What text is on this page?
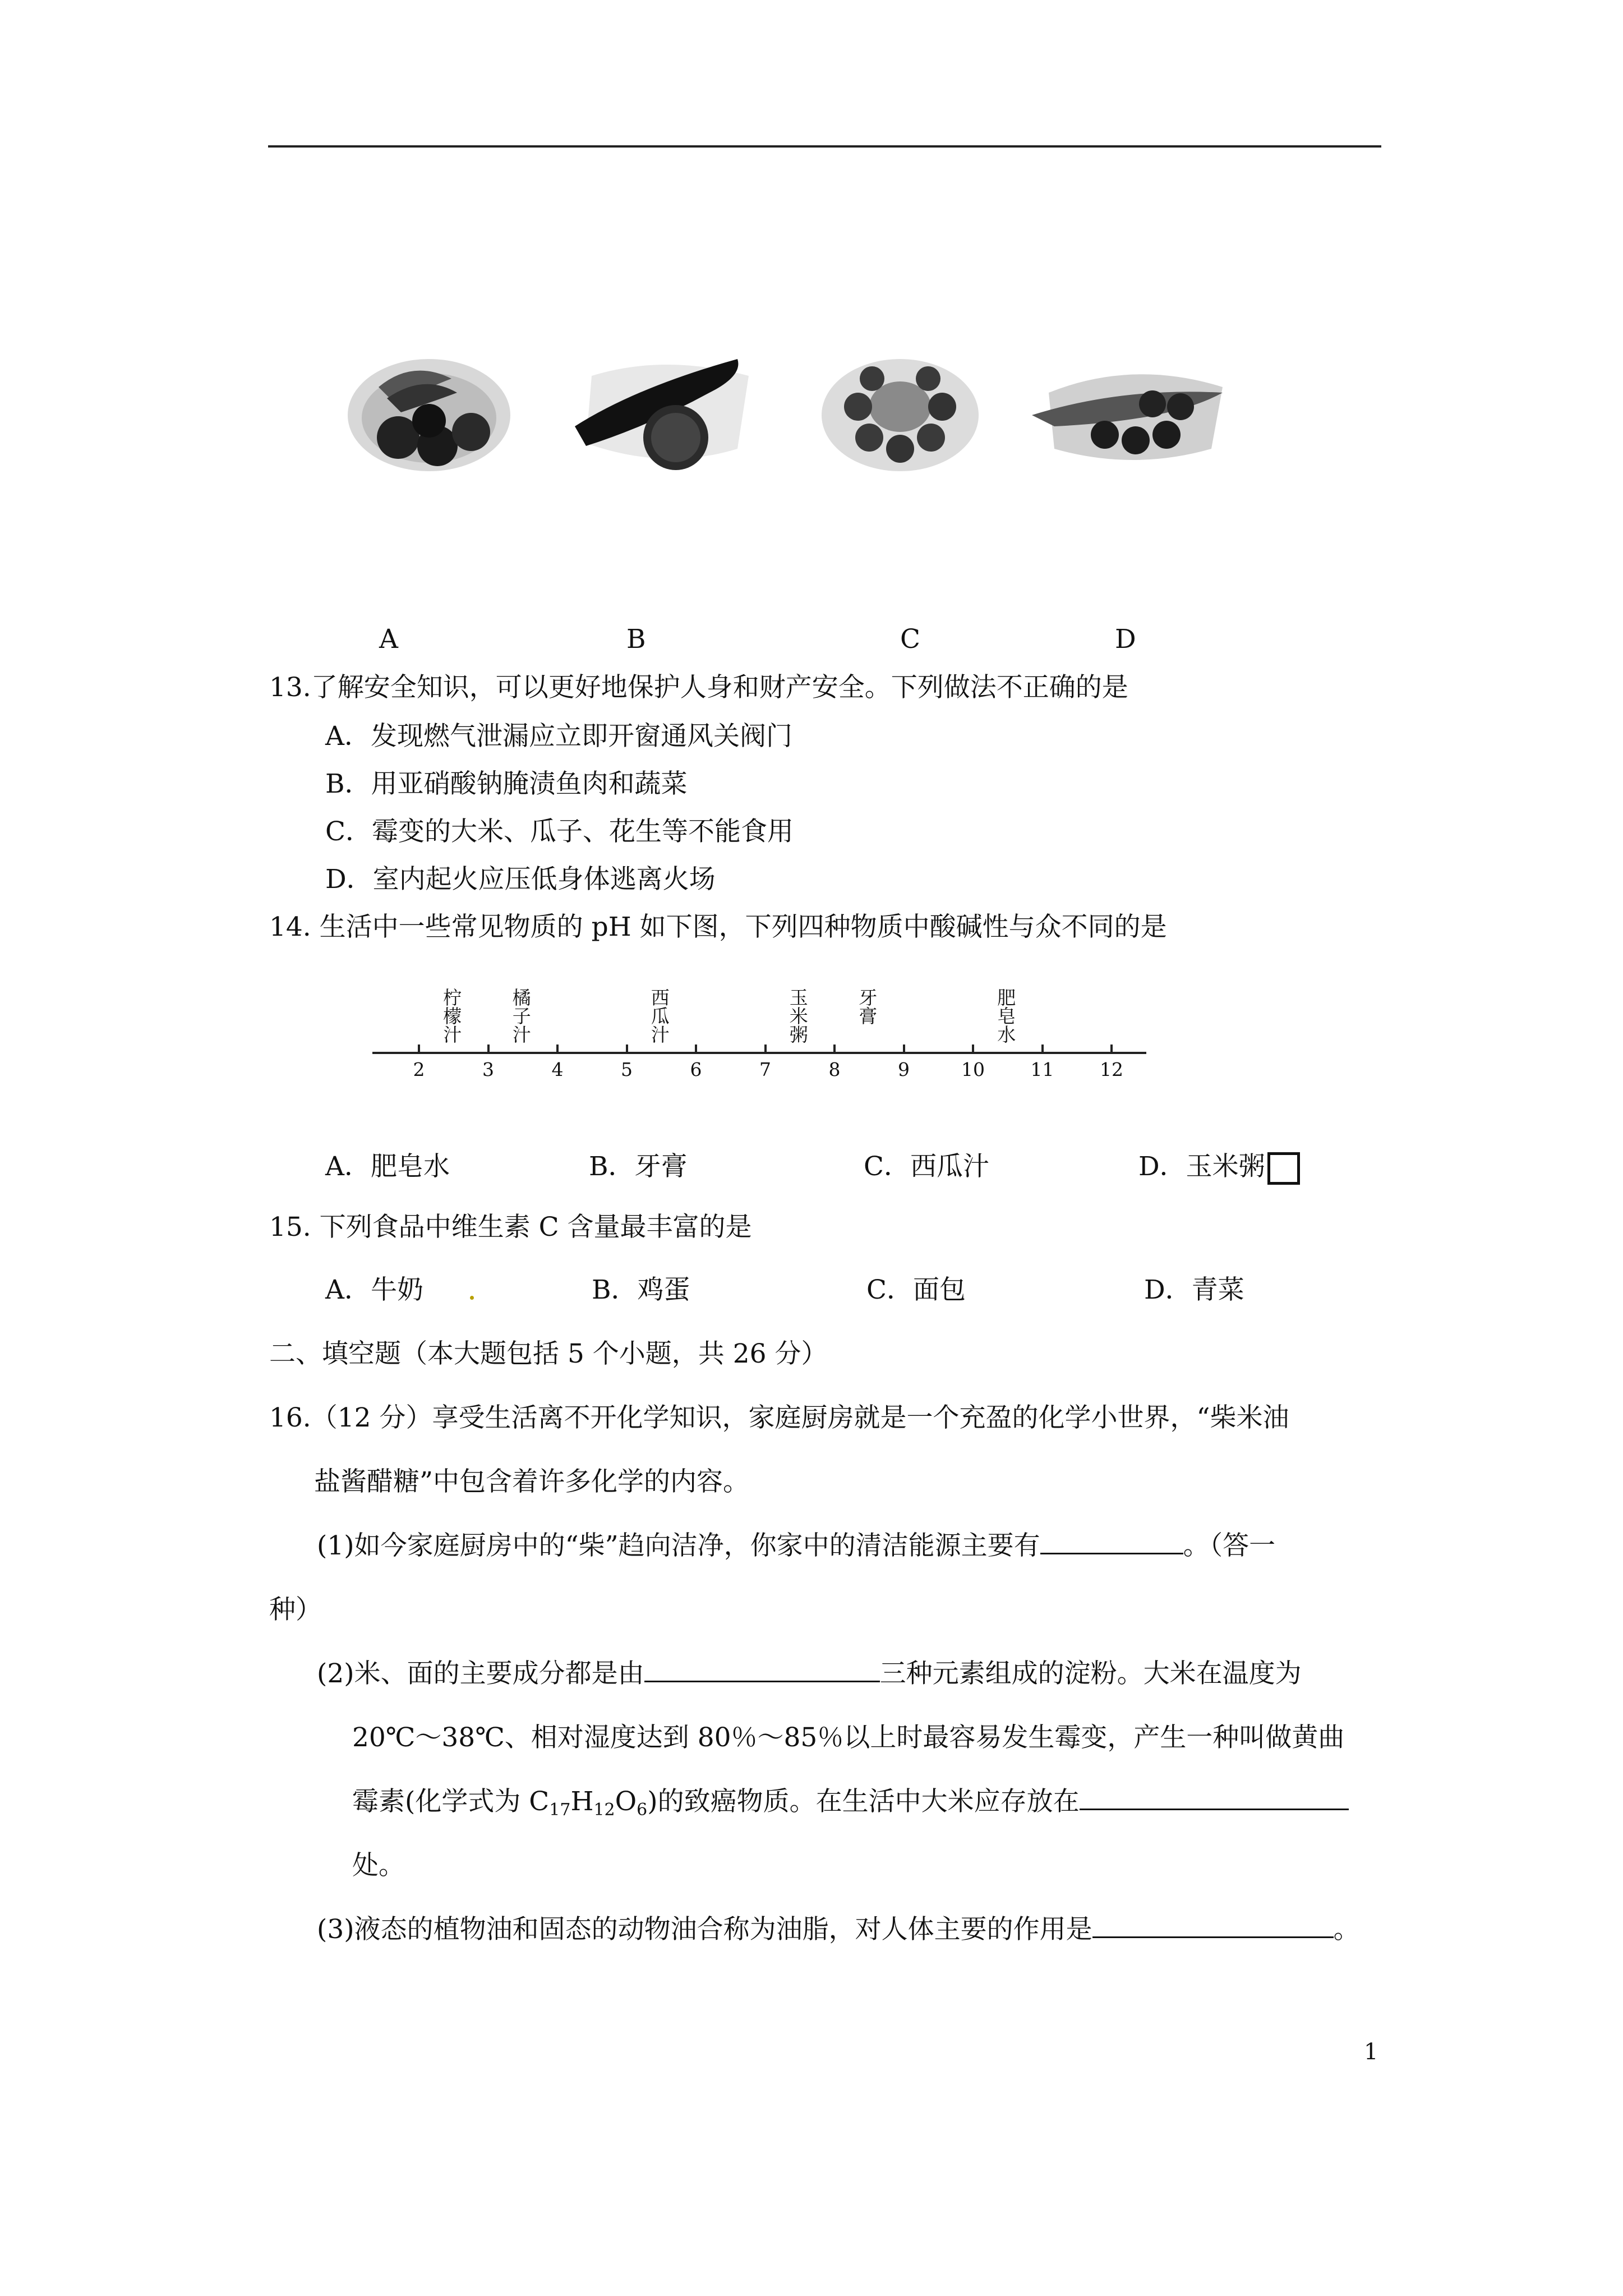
A	B	C	D
13.了解安全知识，可以更好地保护人身和财产安全。下列做法不正确的是
A．发现燃气泄漏应立即开窗通风关阀门
B．用亚硝酸钠腌渍鱼肉和蔬菜
C．霉变的大米、瓜子、花生等不能食用
D．室内起火应压低身体逃离火场
14. 生活中一些常见物质的 pH 如下图，下列四种物质中酸碱性与众不同的是
2	3	4	5	6	7	8	9	10 11 12
柠檬汁
橘子汁
西瓜汁
玉米粥
牙膏
肥皂水
A．肥皂水	B．牙膏	C．西瓜汁	D．玉米粥
15. 下列食品中维生素 C 含量最丰富的是
A．牛奶	B．鸡蛋	C．面包	D．青菜
二、填空题（本大题包括 5 个小题，共 26 分）
16.（12 分）享受生活离不开化学知识，家庭厨房就是一个充盈的化学小世界，“柴米油
盐酱醋糖”中包含着许多化学的内容。
(1)如今家庭厨房中的“柴”趋向洁净，你家中的清洁能源主要有	。（答一
种）
(2)米、面的主要成分都是由	三种元素组成的淀粉。大米在温度为
20℃～38℃、相对湿度达到 80％～85％以上时最容易发生霉变，产生一种叫做黄曲
霉素(化学式为 $C_{17}H_{12}O_6$)的致癌物质。在生活中大米应存放在
处。
(3)液态的植物油和固态的动物油合称为油脂，对人体主要的作用是	。
1
